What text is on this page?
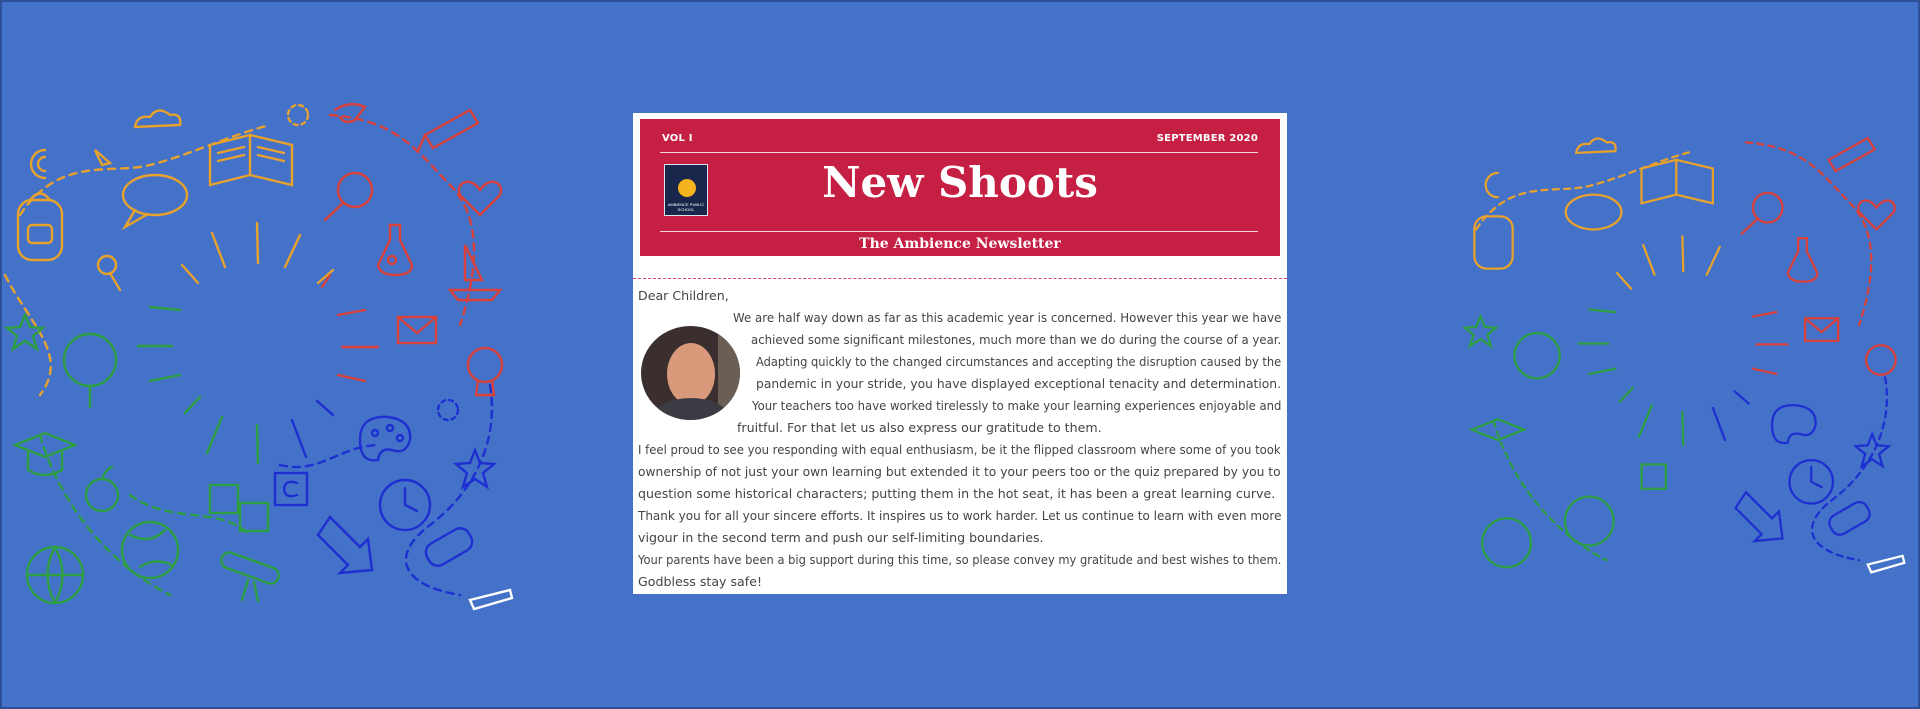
VOL I	SEPTEMBER 2020
AMBIENCE PUBLIC SCHOOL
New Shoots
The Ambience Newsletter

Dear Children,

We are half way down as far as this academic year is concerned. However this year we have

achieved some significant milestones, much more than we do during the course of a year.

Adapting quickly to the changed circumstances and accepting the disruption caused by the

pandemic in your stride, you have displayed exceptional tenacity and determination.

Your teachers too have worked tirelessly to make your learning experiences enjoyable and

fruitful. For that let us also express our gratitude to them.

I feel proud to see you responding with equal enthusiasm, be it the flipped classroom where some of you took

ownership of not just your own learning but extended it to your peers too or the quiz prepared by you to

question some historical characters; putting them in the hot seat, it has been a great learning curve.

Thank you for all your sincere efforts. It inspires us to work harder. Let us continue to learn with even more

vigour in the second term and push our self-limiting boundaries.

Your parents have been a big support during this time, so please convey my gratitude and best wishes to them.

Godbless stay safe!
